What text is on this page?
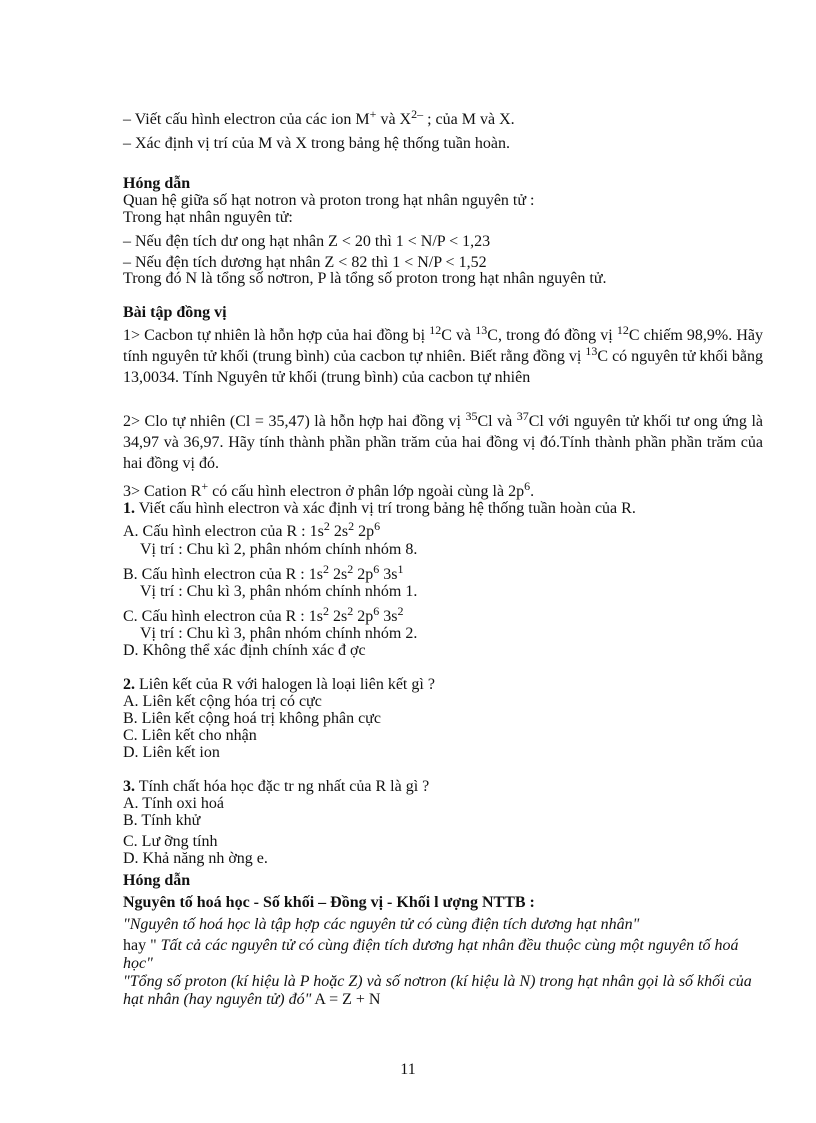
– Viết cấu hình electron của các ion M+ và $X^{2-}$ ; của M và X.
– Xác định vị trí của M và X trong bảng hệ thống tuần hoàn.
Hóng dẫn
Quan hệ giữa số hạt notron và proton trong hạt nhân nguyên tử :
Trong hạt nhân nguyên tử:
– Nếu đện tích dư ong hạt nhân Z < 20 thì 1 < N/P < 1,23
– Nếu đện tích dương hạt nhân Z < 82 thì 1 < N/P < 1,52
Trong đó N là tổng số nơtron, P là tổng số proton trong hạt nhân nguyên tử.
Bài tập đồng vị
1> Cacbon tự nhiên là hỗn hợp của hai đồng bị $^{12}$C và $^{13}$C, trong đó đồng vị $^{12}$C chiếm 98,9%. Hãy tính nguyên tử khối (trung bình) của cacbon tự nhiên. Biết rằng đồng vị $^{13}$C có nguyên tử khối bằng 13,0034. Tính Nguyên tử khối (trung bình) của cacbon tự nhiên
2> Clo tự nhiên (Cl = 35,47) là hỗn hợp hai đồng vị $^{35}$Cl và $^{37}$Cl với nguyên tử khối tư ong ứng là 34,97 và 36,97. Hãy tính thành phần phần trăm của hai đồng vị đó.Tính thành phần phần trăm của hai đồng vị đó.
3> Cation R+ có cấu hình electron ở phân lớp ngoài cùng là $2p^6$.
1. Viết cấu hình electron và xác định vị trí trong bảng hệ thống tuần hoàn của R.
A. Cấu hình electron của R : $1s^2$ $2s^2$ $2p^6$
Vị trí : Chu kì 2, phân nhóm chính nhóm 8.
B. Cấu hình electron của R : $1s^2$ $2s^2$ $2p^6$ $3s^1$
Vị trí : Chu kì 3, phân nhóm chính nhóm 1.
C. Cấu hình electron của R : $1s^2$ $2s^2$ $2p^6$ $3s^2$
Vị trí : Chu kì 3, phân nhóm chính nhóm 2.
D. Không thể xác định chính xác đ ợc
2. Liên kết của R với halogen là loại liên kết gì ?
A. Liên kết cộng hóa trị có cực
B. Liên kết cộng hoá trị không phân cực
C. Liên kết cho nhận
D. Liên kết ion
3. Tính chất hóa học đặc tr ng nhất của R là gì ?
A. Tính oxi hoá
B. Tính khử
C. Lư ỡng tính
D. Khả năng nh ờng e.
Hóng dẫn
Nguyên tố hoá học - Số khối – Đồng vị - Khối l ượng NTTB :
"Nguyên tố hoá học là tập hợp các nguyên tử có cùng điện tích dương hạt nhân"
hay " Tất cả các nguyên tử có cùng điện tích dương hạt nhân đều thuộc cùng một nguyên tố hoá học"
"Tổng số proton (kí hiệu là P hoặc Z) và số nơtron (kí hiệu là N) trong hạt nhân gọi là số khối của hạt nhân (hay nguyên tử) đó" A = Z + N
11
